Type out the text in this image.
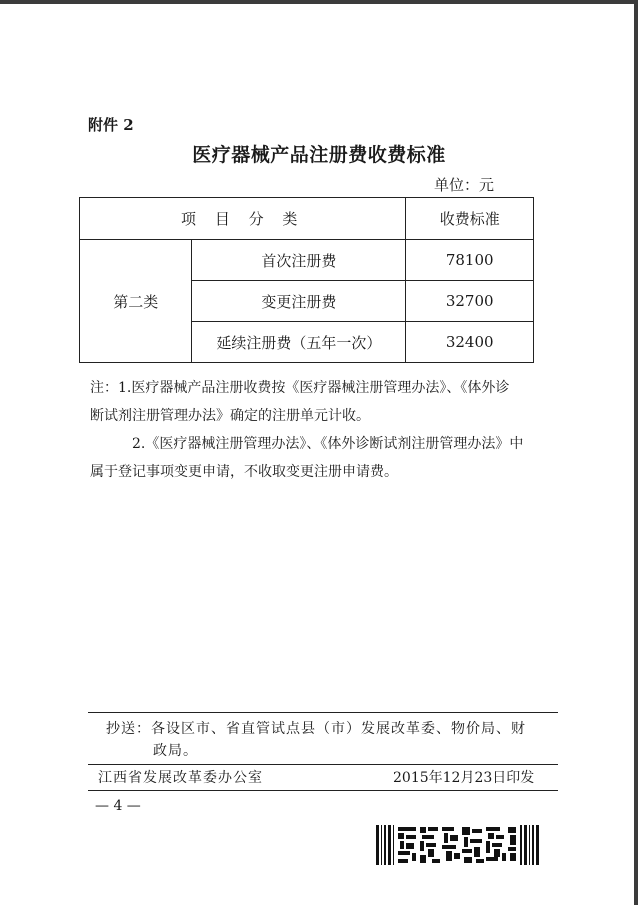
附件 2
医疗器械产品注册费收费标准
单位：元
项 目 分 类		收费标准
第二类	首次注册费	78100
	变更注册费	32700
	延续注册费（五年一次）	32400
注：1.医疗器械产品注册收费按《医疗器械注册管理办法》、《体外诊
断试剂注册管理办法》确定的注册单元计收。
2.《医疗器械注册管理办法》、《体外诊断试剂注册管理办法》中
属于登记事项变更申请，不收取变更注册申请费。
抄送：各设区市、省直管试点县（市）发展改革委、物价局、财
政局。
江西省发展改革委办公室	2015年12月23日印发
— 4 —
